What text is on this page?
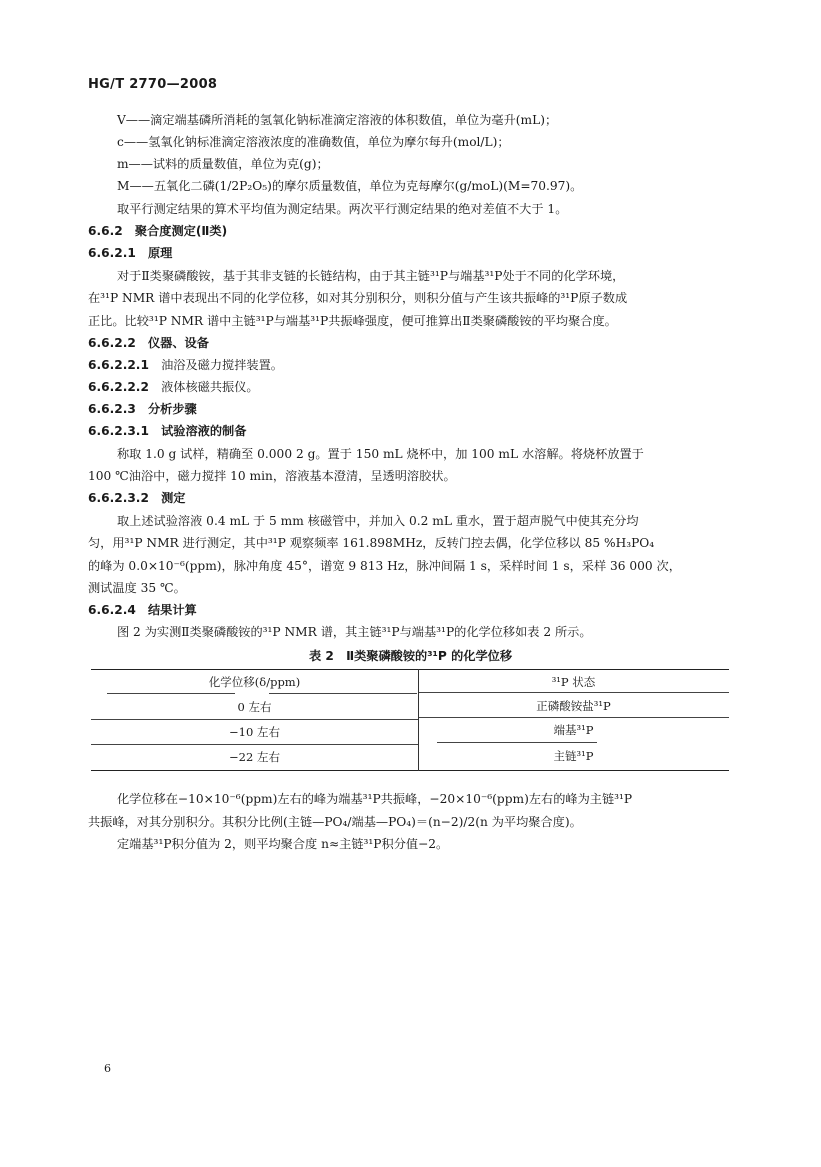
HG/T 2770—2008
V——滴定端基磷所消耗的氢氧化钠标准滴定溶液的体积数值，单位为毫升(mL)；
c——氢氧化钠标准滴定溶液浓度的准确数值，单位为摩尔每升(mol/L)；
m——试料的质量数值，单位为克(g)；
M——五氧化二磷(1/2P₂O₅)的摩尔质量数值，单位为克每摩尔(g/moL)(M=70.97)。
取平行测定结果的算术平均值为测定结果。两次平行测定结果的绝对差值不大于 1。
6.6.2　 聚合度测定(Ⅱ类)
6.6.2.1　 原理
对于Ⅱ类聚磷酸铵，基于其非支链的长链结构，由于其主链³¹P与端基³¹P处于不同的化学环境，
在³¹P NMR 谱中表现出不同的化学位移，如对其分别积分，则积分值与产生该共振峰的³¹P原子数成
正比。比较³¹P NMR 谱中主链³¹P与端基³¹P共振峰强度，便可推算出Ⅱ类聚磷酸铵的平均聚合度。
6.6.2.2　 仪器、设备
6.6.2.2.1　 油浴及磁力搅拌装置。
6.6.2.2.2　 液体核磁共振仪。
6.6.2.3　 分析步骤
6.6.2.3.1　 试验溶液的制备
称取 1.0 g 试样，精确至 0.000 2 g。置于 150 mL 烧杯中，加 100 mL 水溶解。将烧杯放置于
100 ℃油浴中，磁力搅拌 10 min，溶液基本澄清，呈透明溶胶状。
6.6.2.3.2　 测定
取上述试验溶液 0.4 mL 于 5 mm 核磁管中，并加入 0.2 mL 重水，置于超声脱气中使其充分均
匀，用³¹P NMR 进行测定，其中³¹P 观察频率 161.898MHz，反转门控去偶，化学位移以 85 %H₃PO₄
的峰为 0.0×10⁻⁶(ppm)，脉冲角度 45°，谱宽 9 813 Hz，脉冲间隔 1 s，采样时间 1 s，采样 36 000 次，
测试温度 35 ℃。
6.6.2.4　 结果计算
图 2 为实测Ⅱ类聚磷酸铵的³¹P NMR 谱，其主链³¹P与端基³¹P的化学位移如表 2 所示。
表 2　Ⅱ类聚磷酸铵的³¹P 的化学位移
化学位移(δ/ppm)	³¹P 状态
0 左右	正磷酸铵盐³¹P
−10 左右	端基³¹P
−22 左右	主链³¹P
化学位移在−10×10⁻⁶(ppm)左右的峰为端基³¹P共振峰，−20×10⁻⁶(ppm)左右的峰为主链³¹P
共振峰，对其分别积分。其积分比例(主链—PO₄/端基—PO₄)＝(n−2)/2(n 为平均聚合度)。
定端基³¹P积分值为 2，则平均聚合度 n≈主链³¹P积分值−2。
6
